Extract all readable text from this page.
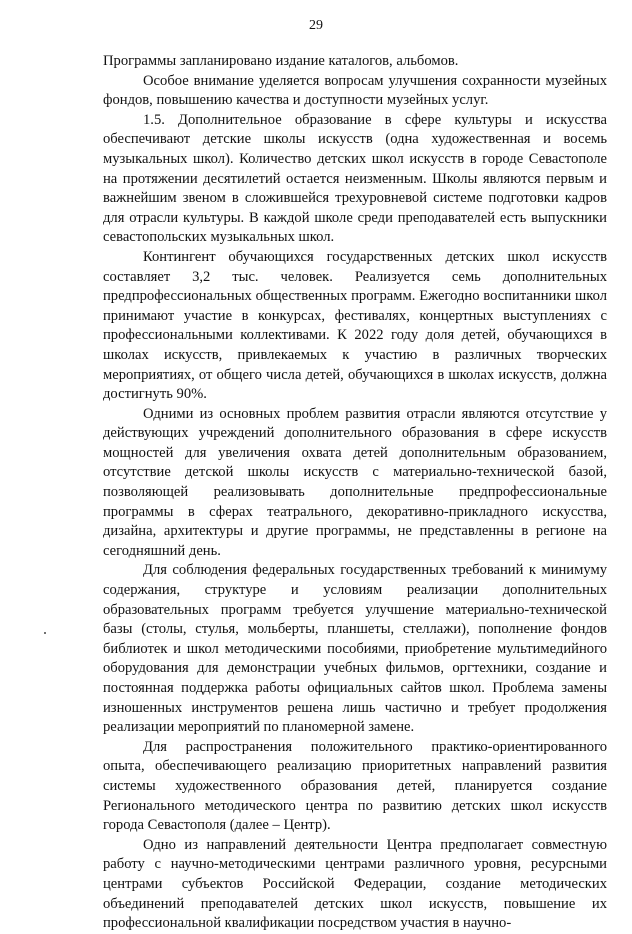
29

Программы запланировано издание каталогов, альбомов.

Особое внимание уделяется вопросам улучшения сохранности музейных фондов, повышению качества и доступности музейных услуг.

1.5. Дополнительное образование в сфере культуры и искусства обеспечивают детские школы искусств (одна художественная и восемь музыкальных школ). Количество детских школ искусств в городе Севастополе на протяжении десятилетий остается неизменным. Школы являются первым и важнейшим звеном в сложившейся трехуровневой системе подготовки кадров для отрасли культуры. В каждой школе среди преподавателей есть выпускники севастопольских музыкальных школ.

Контингент обучающихся государственных детских школ искусств составляет 3,2 тыс. человек. Реализуется семь дополнительных предпрофессиональных общественных программ. Ежегодно воспитанники школ принимают участие в конкурсах, фестивалях, концертных выступлениях с профессиональными коллективами. К 2022 году доля детей, обучающихся в школах искусств, привлекаемых к участию в различных творческих мероприятиях, от общего числа детей, обучающихся в школах искусств, должна достигнуть 90%.

Одними из основных проблем развития отрасли являются отсутствие у действующих учреждений дополнительного образования в сфере искусств мощностей для увеличения охвата детей дополнительным образованием, отсутствие детской школы искусств с материально-технической базой, позволяющей реализовывать дополнительные предпрофессиональные программы в сферах театрального, декоративно-прикладного искусства, дизайна, архитектуры и другие программы, не представленны в регионе на сегодняшний день.

Для соблюдения федеральных государственных требований к минимуму содержания, структуре и условиям реализации дополнительных образовательных программ требуется улучшение материально-технической базы (столы, стулья, мольберты, планшеты, стеллажи), пополнение фондов библиотек и школ методическими пособиями, приобретение мультимедийного оборудования для демонстрации учебных фильмов, оргтехники, создание и постоянная поддержка работы официальных сайтов школ. Проблема замены изношенных инструментов решена лишь частично и требует продолжения реализации мероприятий по планомерной замене.

Для распространения положительного практико-ориентированного опыта, обеспечивающего реализацию приоритетных направлений развития системы художественного образования детей, планируется создание Регионального методического центра по развитию детских школ искусств города Севастополя (далее – Центр).

Одно из направлений деятельности Центра предполагает совместную работу с научно-методическими центрами различного уровня, ресурсными центрами субъектов Российской Федерации, создание методических объединений преподавателей детских школ искусств, повышение их профессиональной квалификации посредством участия в научно-
